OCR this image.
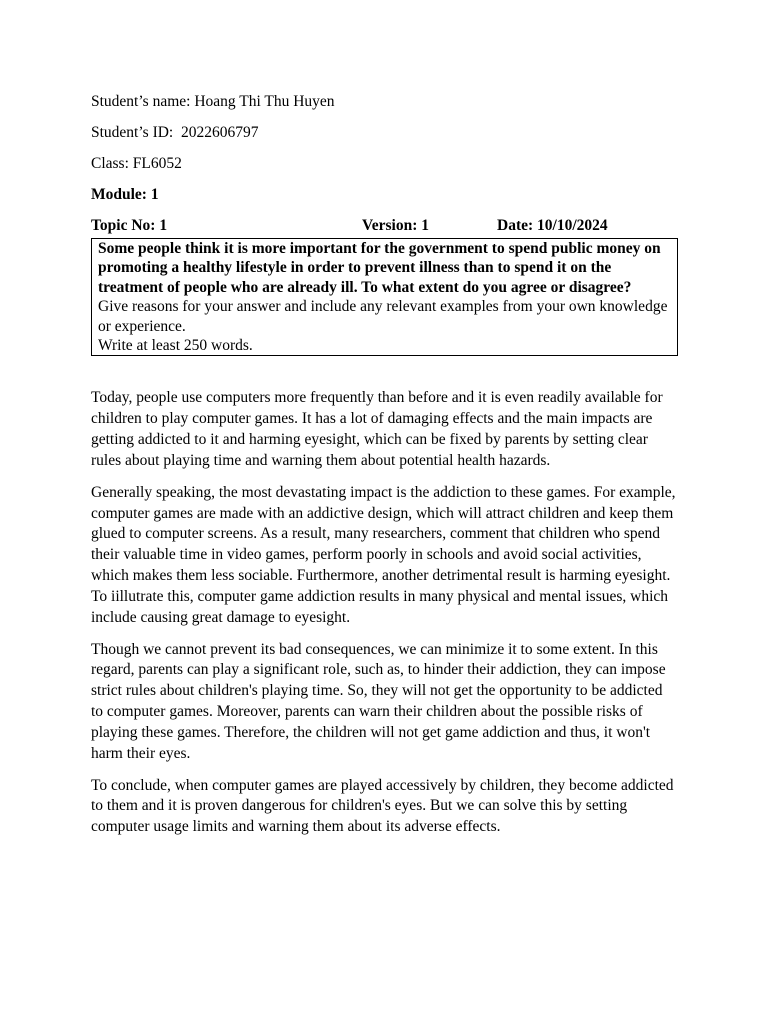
Student’s name: Hoang Thi Thu Huyen
Student’s ID:  2022606797
Class: FL6052
Module: 1
Topic No: 1	Version: 1	Date: 10/10/2024

Some people think it is more important for the government to spend public money on promoting a healthy lifestyle in order to prevent illness than to spend it on the treatment of people who are already ill. To what extent do you agree or disagree?

Give reasons for your answer and include any relevant examples from your own knowledge or experience.

Write at least 250 words.

Today, people use computers more frequently than before and it is even readily available for children to play computer games. It has a lot of damaging effects and the main impacts are getting addicted to it and harming eyesight, which can be fixed by parents by setting clear rules about playing time and warning them about potential health hazards.

Generally speaking, the most devastating impact is the addiction to these games. For example, computer games are made with an addictive design, which will attract children and keep them glued to computer screens. As a result, many researchers, comment that children who spend their valuable time in video games, perform poorly in schools and avoid social activities, which makes them less sociable. Furthermore, another detrimental result is harming eyesight. To iillutrate this, computer game addiction results in many physical and mental issues, which include causing great damage to eyesight.

Though we cannot prevent its bad consequences, we can minimize it to some extent. In this regard, parents can play a significant role, such as, to hinder their addiction, they can impose strict rules about children's playing time. So, they will not get the opportunity to be addicted to computer games. Moreover, parents can warn their children about the possible risks of playing these games. Therefore, the children will not get game addiction and thus, it won't harm their eyes.

To conclude, when computer games are played accessively by children, they become addicted to them and it is proven dangerous for children's eyes. But we can solve this by setting computer usage limits and warning them about its adverse effects.
